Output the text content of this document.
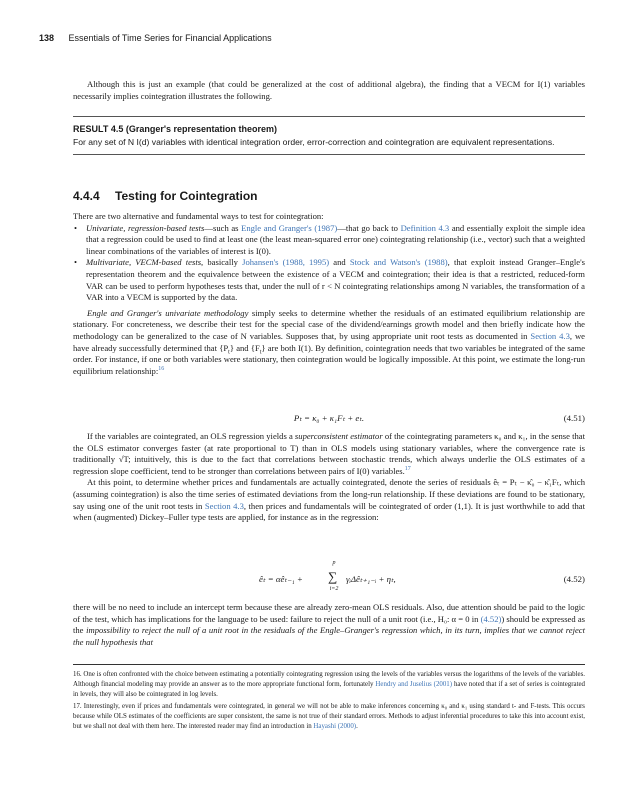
138 Essentials of Time Series for Financial Applications

Although this is just an example (that could be generalized at the cost of additional algebra), the finding that a VECM for I(1) variables necessarily implies cointegration illustrates the following.

RESULT 4.5 (Granger's representation theorem)
For any set of N I(d) variables with identical integration order, error-correction and cointegration are equivalent representations.
4.4.4 Testing for Cointegration

There are two alternative and fundamental ways to test for cointegration:

• Univariate, regression-based tests—such as Engle and Granger's (1987)—that go back to Definition 4.3 and essentially exploit the simple idea that a regression could be used to find at least one (the least mean-squared error one) cointegrating relationship (i.e., vector) such that a weighted linear combinations of the variables of interest is I(0).
• Multivariate, VECM-based tests, basically Johansen's (1988, 1995) and Stock and Watson's (1988), that exploit instead Granger–Engle's representation theorem and the equivalence between the existence of a VECM and cointegration; their idea is that a restricted, reduced-form VAR can be used to perform hypotheses tests that, under the null of r < N cointegrating relationships among N variables, the transformation of a VAR into a VECM is supported by the data.

Engle and Granger's univariate methodology simply seeks to determine whether the residuals of an estimated equilibrium relationship are stationary. For concreteness, we describe their test for the special case of the dividend/earnings growth model and then briefly indicate how the methodology can be generalized to the case of N variables. Supposes that, by using appropriate unit root tests as documented in Section 4.3, we have already successfully determined that $\{P_t\}$ and $\{F_t\}$ are both I(1). By definition, cointegration needs that two variables be integrated of the same order. For instance, if one or both variables were stationary, then cointegration would be logically impossible. At this point, we estimate the long-run equilibrium relationship:$^{16}$

Pₜ = κ₀ + κ₁Fₜ + eₜ.	(4.51)

If the variables are cointegrated, an OLS regression yields a superconsistent estimator of the cointegrating parameters κ₀ and κ₁, in the sense that the OLS estimator converges faster (at rate proportional to T) than in OLS models using stationary variables, where the convergence rate is traditionally √T; intuitively, this is due to the fact that correlations between stochastic trends, which always underlie the OLS estimates of a regression slope coefficient, tend to be stronger than correlations between pairs of I(0) variables.$^{17}$

At this point, to determine whether prices and fundamentals are actually cointegrated, denote the series of residuals êₜ = Pₜ − κ̂₀ − κ̂₁Fₜ, which (assuming cointegration) is also the time series of estimated deviations from the long-run relationship. If these deviations are found to be stationary, say using one of the unit root tests in Section 4.3, then prices and fundamentals will be cointegrated of order (1,1). It is just worthwhile to add that when (augmented) Dickey–Fuller type tests are applied, for instance as in the regression:

êₜ = αêₜ₋₁ +
p
∑
i=2
γᵢΔêₜ₊₁₋ᵢ + ηₜ,	(4.52)

there will be no need to include an intercept term because these are already zero-mean OLS residuals. Also, due attention should be paid to the logic of the test, which has implications for the language to be used: failure to reject the null of a unit root (i.e., H₀: α = 0 in (4.52)) should be expressed as the impossibility to reject the null of a unit root in the residuals of the Engle–Granger's regression which, in its turn, implies that we cannot reject the null hypothesis that

16. One is often confronted with the choice between estimating a potentially cointegrating regression using the levels of the variables versus the logarithms of the levels of the variables. Although financial modeling may provide an answer as to the more appropriate functional form, fortunately Hendry and Juselius (2001) have noted that if a set of series is cointegrated in levels, they will also be cointegrated in log levels.

17. Interestingly, even if prices and fundamentals were cointegrated, in general we will not be able to make inferences concerning κ₀ and κ₁ using standard t- and F-tests. This occurs because while OLS estimates of the coefficients are super consistent, the same is not true of their standard errors. Methods to adjust inferential procedures to take this into account exist, but we shall not deal with them here. The interested reader may find an introduction in Hayashi (2000).
